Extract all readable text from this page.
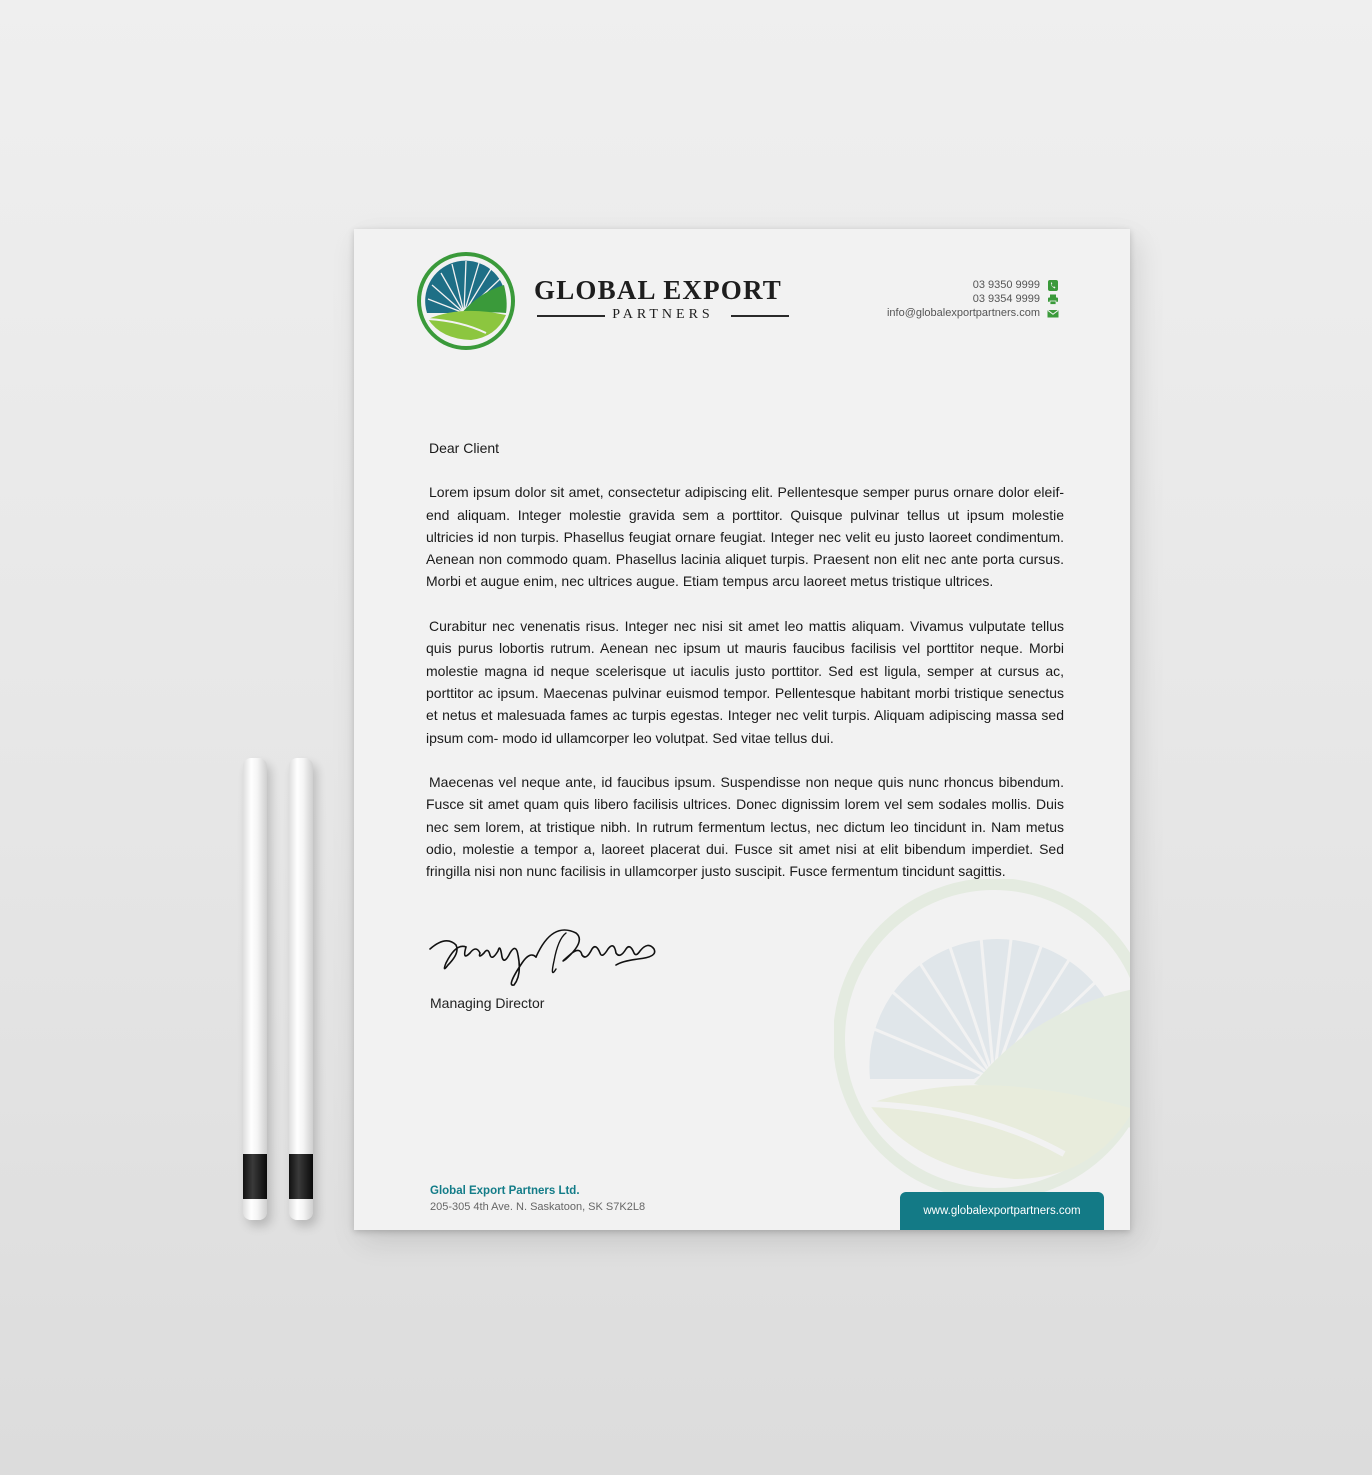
GLOBAL EXPORT
PARTNERS
03 9350 9999
03 9354 9999
info@globalexportpartners.com
Dear Client
Lorem ipsum dolor sit amet, consectetur adipiscing elit. Pellentesque semper purus ornare dolor eleif- end aliquam. Integer molestie gravida sem a porttitor. Quisque pulvinar tellus ut ipsum molestie ultricies id non turpis. Phasellus feugiat ornare feugiat. Integer nec velit eu justo laoreet condimentum. Aenean non commodo quam. Phasellus lacinia aliquet turpis. Praesent non elit nec ante porta cursus. Morbi et augue enim, nec ultrices augue. Etiam tempus arcu laoreet metus tristique ultrices.
Curabitur nec venenatis risus. Integer nec nisi sit amet leo mattis aliquam. Vivamus vulputate tellus quis purus lobortis rutrum. Aenean nec ipsum ut mauris faucibus facilisis vel porttitor neque. Morbi molestie magna id neque scelerisque ut iaculis justo porttitor. Sed est ligula, semper at cursus ac, porttitor ac ipsum. Maecenas pulvinar euismod tempor. Pellentesque habitant morbi tristique senectus et netus et malesuada fames ac turpis egestas. Integer nec velit turpis. Aliquam adipiscing massa sed ipsum com- modo id ullamcorper leo volutpat. Sed vitae tellus dui.
Maecenas vel neque ante, id faucibus ipsum. Suspendisse non neque quis nunc rhoncus bibendum. Fusce sit amet quam quis libero facilisis ultrices. Donec dignissim lorem vel sem sodales mollis. Duis nec sem lorem, at tristique nibh. In rutrum fermentum lectus, nec dictum leo tincidunt in. Nam metus odio, molestie a tempor a, laoreet placerat dui. Fusce sit amet nisi at elit bibendum imperdiet. Sed fringilla nisi non nunc facilisis in ullamcorper justo suscipit. Fusce fermentum tincidunt sagittis.
Managing Director
Global Export Partners Ltd.
205-305 4th Ave. N. Saskatoon, SK S7K2L8	www.globalexportpartners.com
